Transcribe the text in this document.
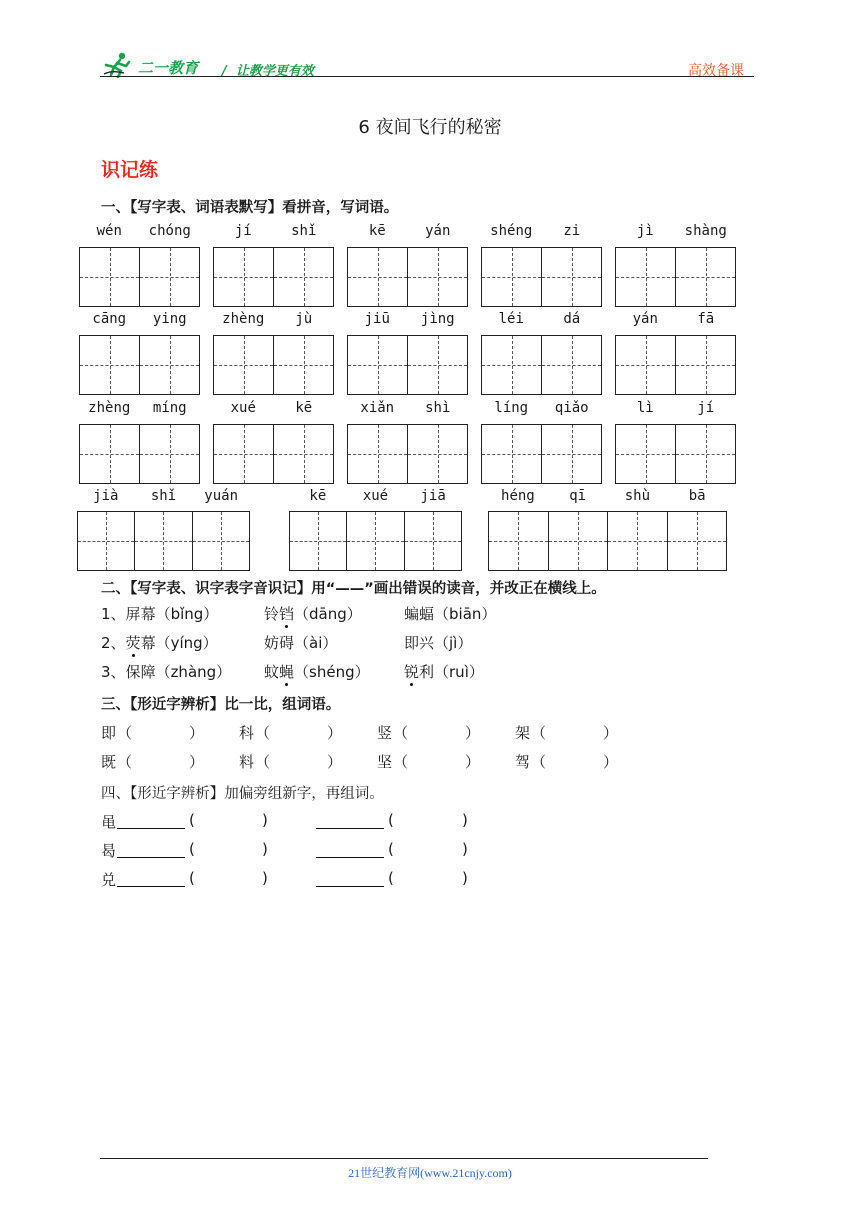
二一教育 / 让教学更有效	高效备课
6 夜间飞行的秘密
识记练
一、【写字表、词语表默写】看拼音，写词语。
wén	chóng	jí	shǐ	kē	yán	shéng	zi	jì	shàng
cāng	ying	zhèng	jù	jiū	jìng	léi	dá	yán	fā
zhèng	míng	xué	kē	xiǎn	shì	líng	qiǎo	lì	jí
jià	shǐ	yuán	kē	xué	jiā	héng	qī	shù	bā
二、【写字表、识字表字音识记】用“——”画出错误的读音，并改正在横线上。
1、屏幕（bǐng）	铃铛（dāng）	蝙蝠（biān）
2、荧幕（yíng）	妨碍（ài）	即兴（jì）
3、保障（zhàng） 蚊蝇（shéng） 锐利（ruì）
三、【形近字辨析】比一比，组词语。
即 （	） 科 （	） 竖 （	） 架 （	）
既 （	） 料 （	） 坚 （	） 驾 （	）
四、【形近字辨析】加偏旁组新字，再组词。
黾	(	)	(	)
曷	(	)	(	)
兑	(	)	(	)
21世纪教育网(www.21cnjy.com)
